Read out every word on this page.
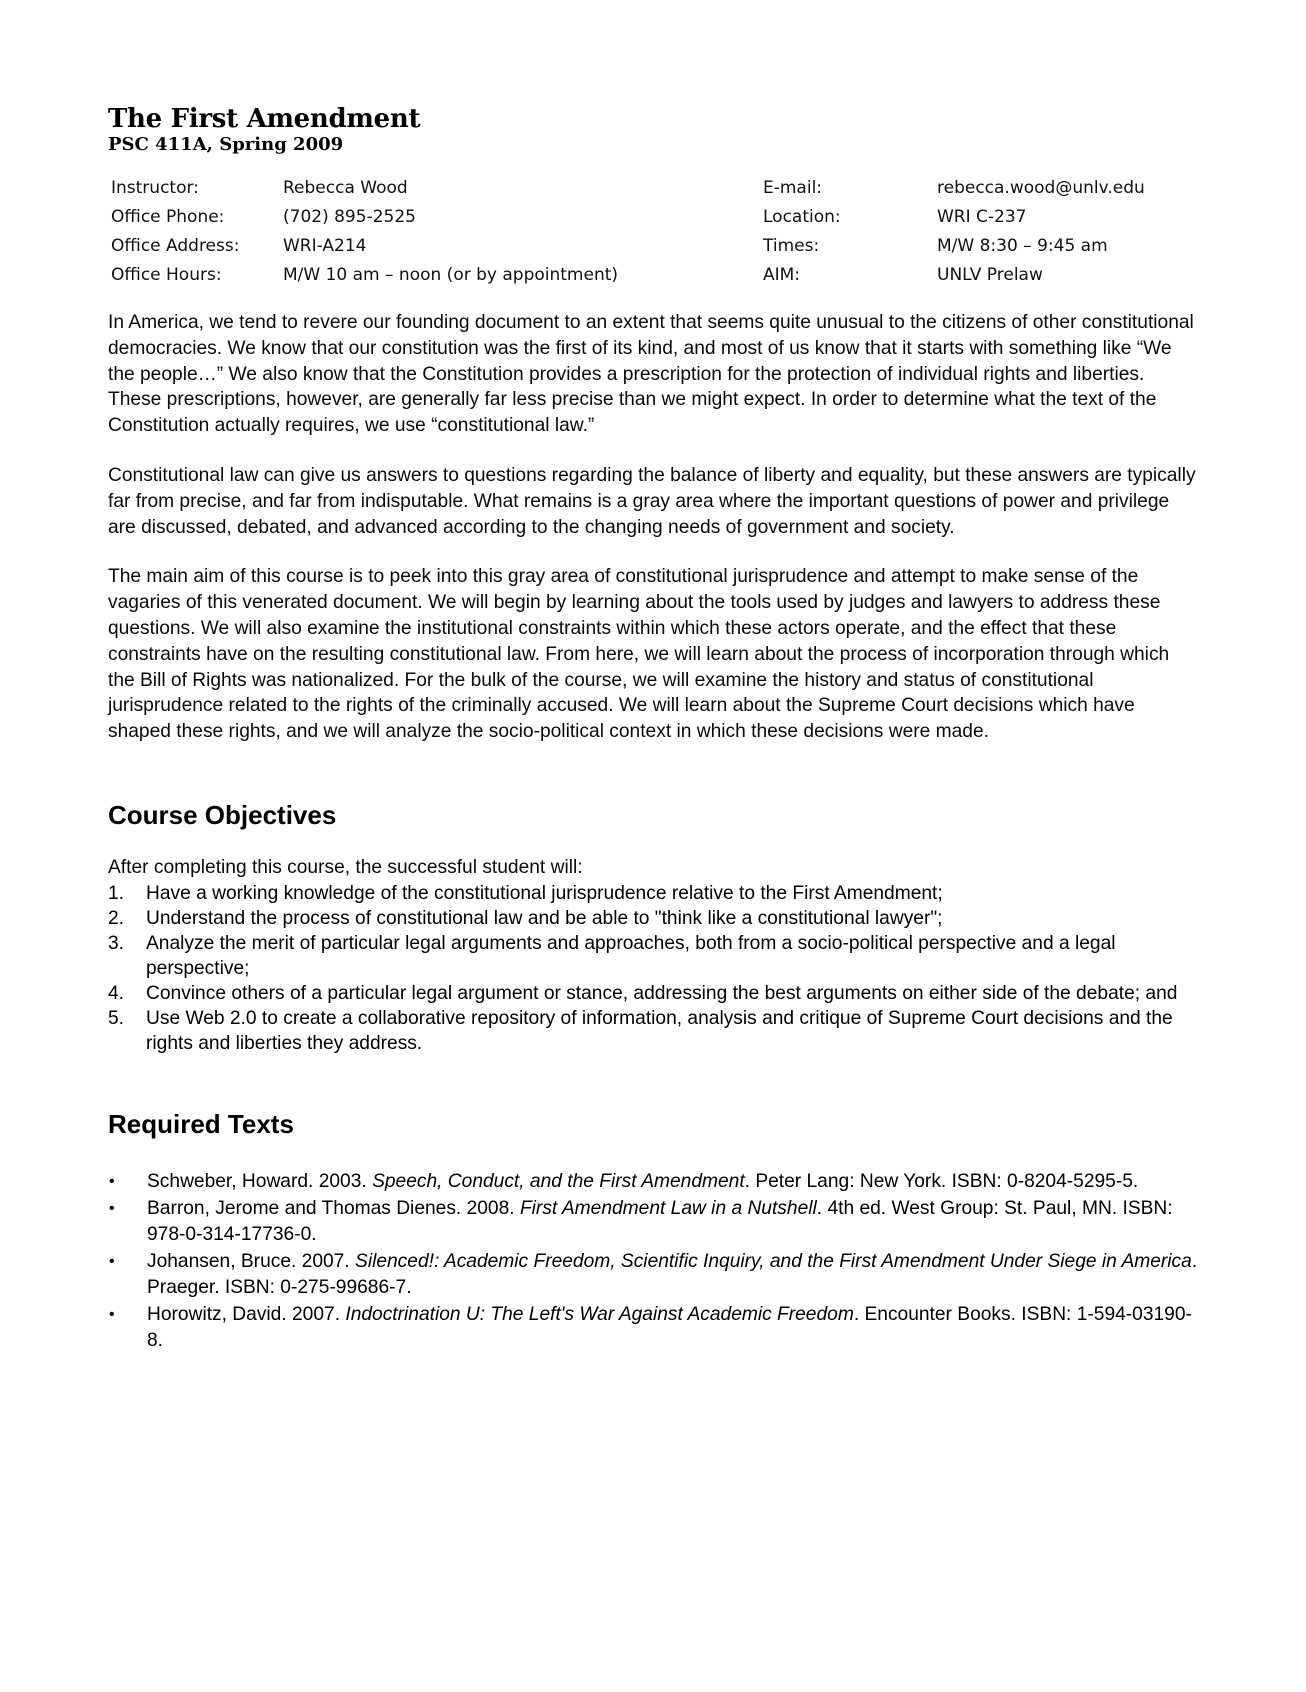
The First Amendment
PSC 411A, Spring 2009
Instructor:	Rebecca Wood	E-mail:	rebecca.wood@unlv.edu
Office Phone:	(702) 895-2525	Location:	WRI C-237
Office Address:	WRI-A214	Times:	M/W 8:30 – 9:45 am
Office Hours:	M/W 10 am – noon (or by appointment)	AIM:	UNLV Prelaw

In America, we tend to revere our founding document to an extent that seems quite unusual to the citizens of other constitutional democracies. We know that our constitution was the first of its kind, and most of us know that it starts with something like “We the people…” We also know that the Constitution provides a prescription for the protection of individual rights and liberties. These prescriptions, however, are generally far less precise than we might expect. In order to determine what the text of the Constitution actually requires, we use “constitutional law.”

Constitutional law can give us answers to questions regarding the balance of liberty and equality, but these answers are typically far from precise, and far from indisputable. What remains is a gray area where the important questions of power and privilege are discussed, debated, and advanced according to the changing needs of government and society.

The main aim of this course is to peek into this gray area of constitutional jurisprudence and attempt to make sense of the vagaries of this venerated document. We will begin by learning about the tools used by judges and lawyers to address these questions. We will also examine the institutional constraints within which these actors operate, and the effect that these constraints have on the resulting constitutional law. From here, we will learn about the process of incorporation through which the Bill of Rights was nationalized. For the bulk of the course, we will examine the history and status of constitutional jurisprudence related to the rights of the criminally accused. We will learn about the Supreme Court decisions which have shaped these rights, and we will analyze the socio-political context in which these decisions were made.

Course Objectives

After completing this course, the successful student will:

1.	Have a working knowledge of the constitutional jurisprudence relative to the First Amendment;
2.	Understand the process of constitutional law and be able to "think like a constitutional lawyer";
3.	Analyze the merit of particular legal arguments and approaches, both from a socio-political perspective and a legal perspective;
4.	Convince others of a particular legal argument or stance, addressing the best arguments on either side of the debate; and
5.	Use Web 2.0 to create a collaborative repository of information, analysis and critique of Supreme Court decisions and the rights and liberties they address.
Required Texts
•	Schweber, Howard. 2003. Speech, Conduct, and the First Amendment. Peter Lang: New York. ISBN: 0-8204-5295-5.
•	Barron, Jerome and Thomas Dienes. 2008. First Amendment Law in a Nutshell. 4th ed. West Group: St. Paul, MN. ISBN: 978-0-314-17736-0.
•	Johansen, Bruce. 2007. Silenced!: Academic Freedom, Scientific Inquiry, and the First Amendment Under Siege in America. Praeger. ISBN: 0-275-99686-7.
•	Horowitz, David. 2007. Indoctrination U: The Left's War Against Academic Freedom. Encounter Books. ISBN: 1-594-03190-8.
